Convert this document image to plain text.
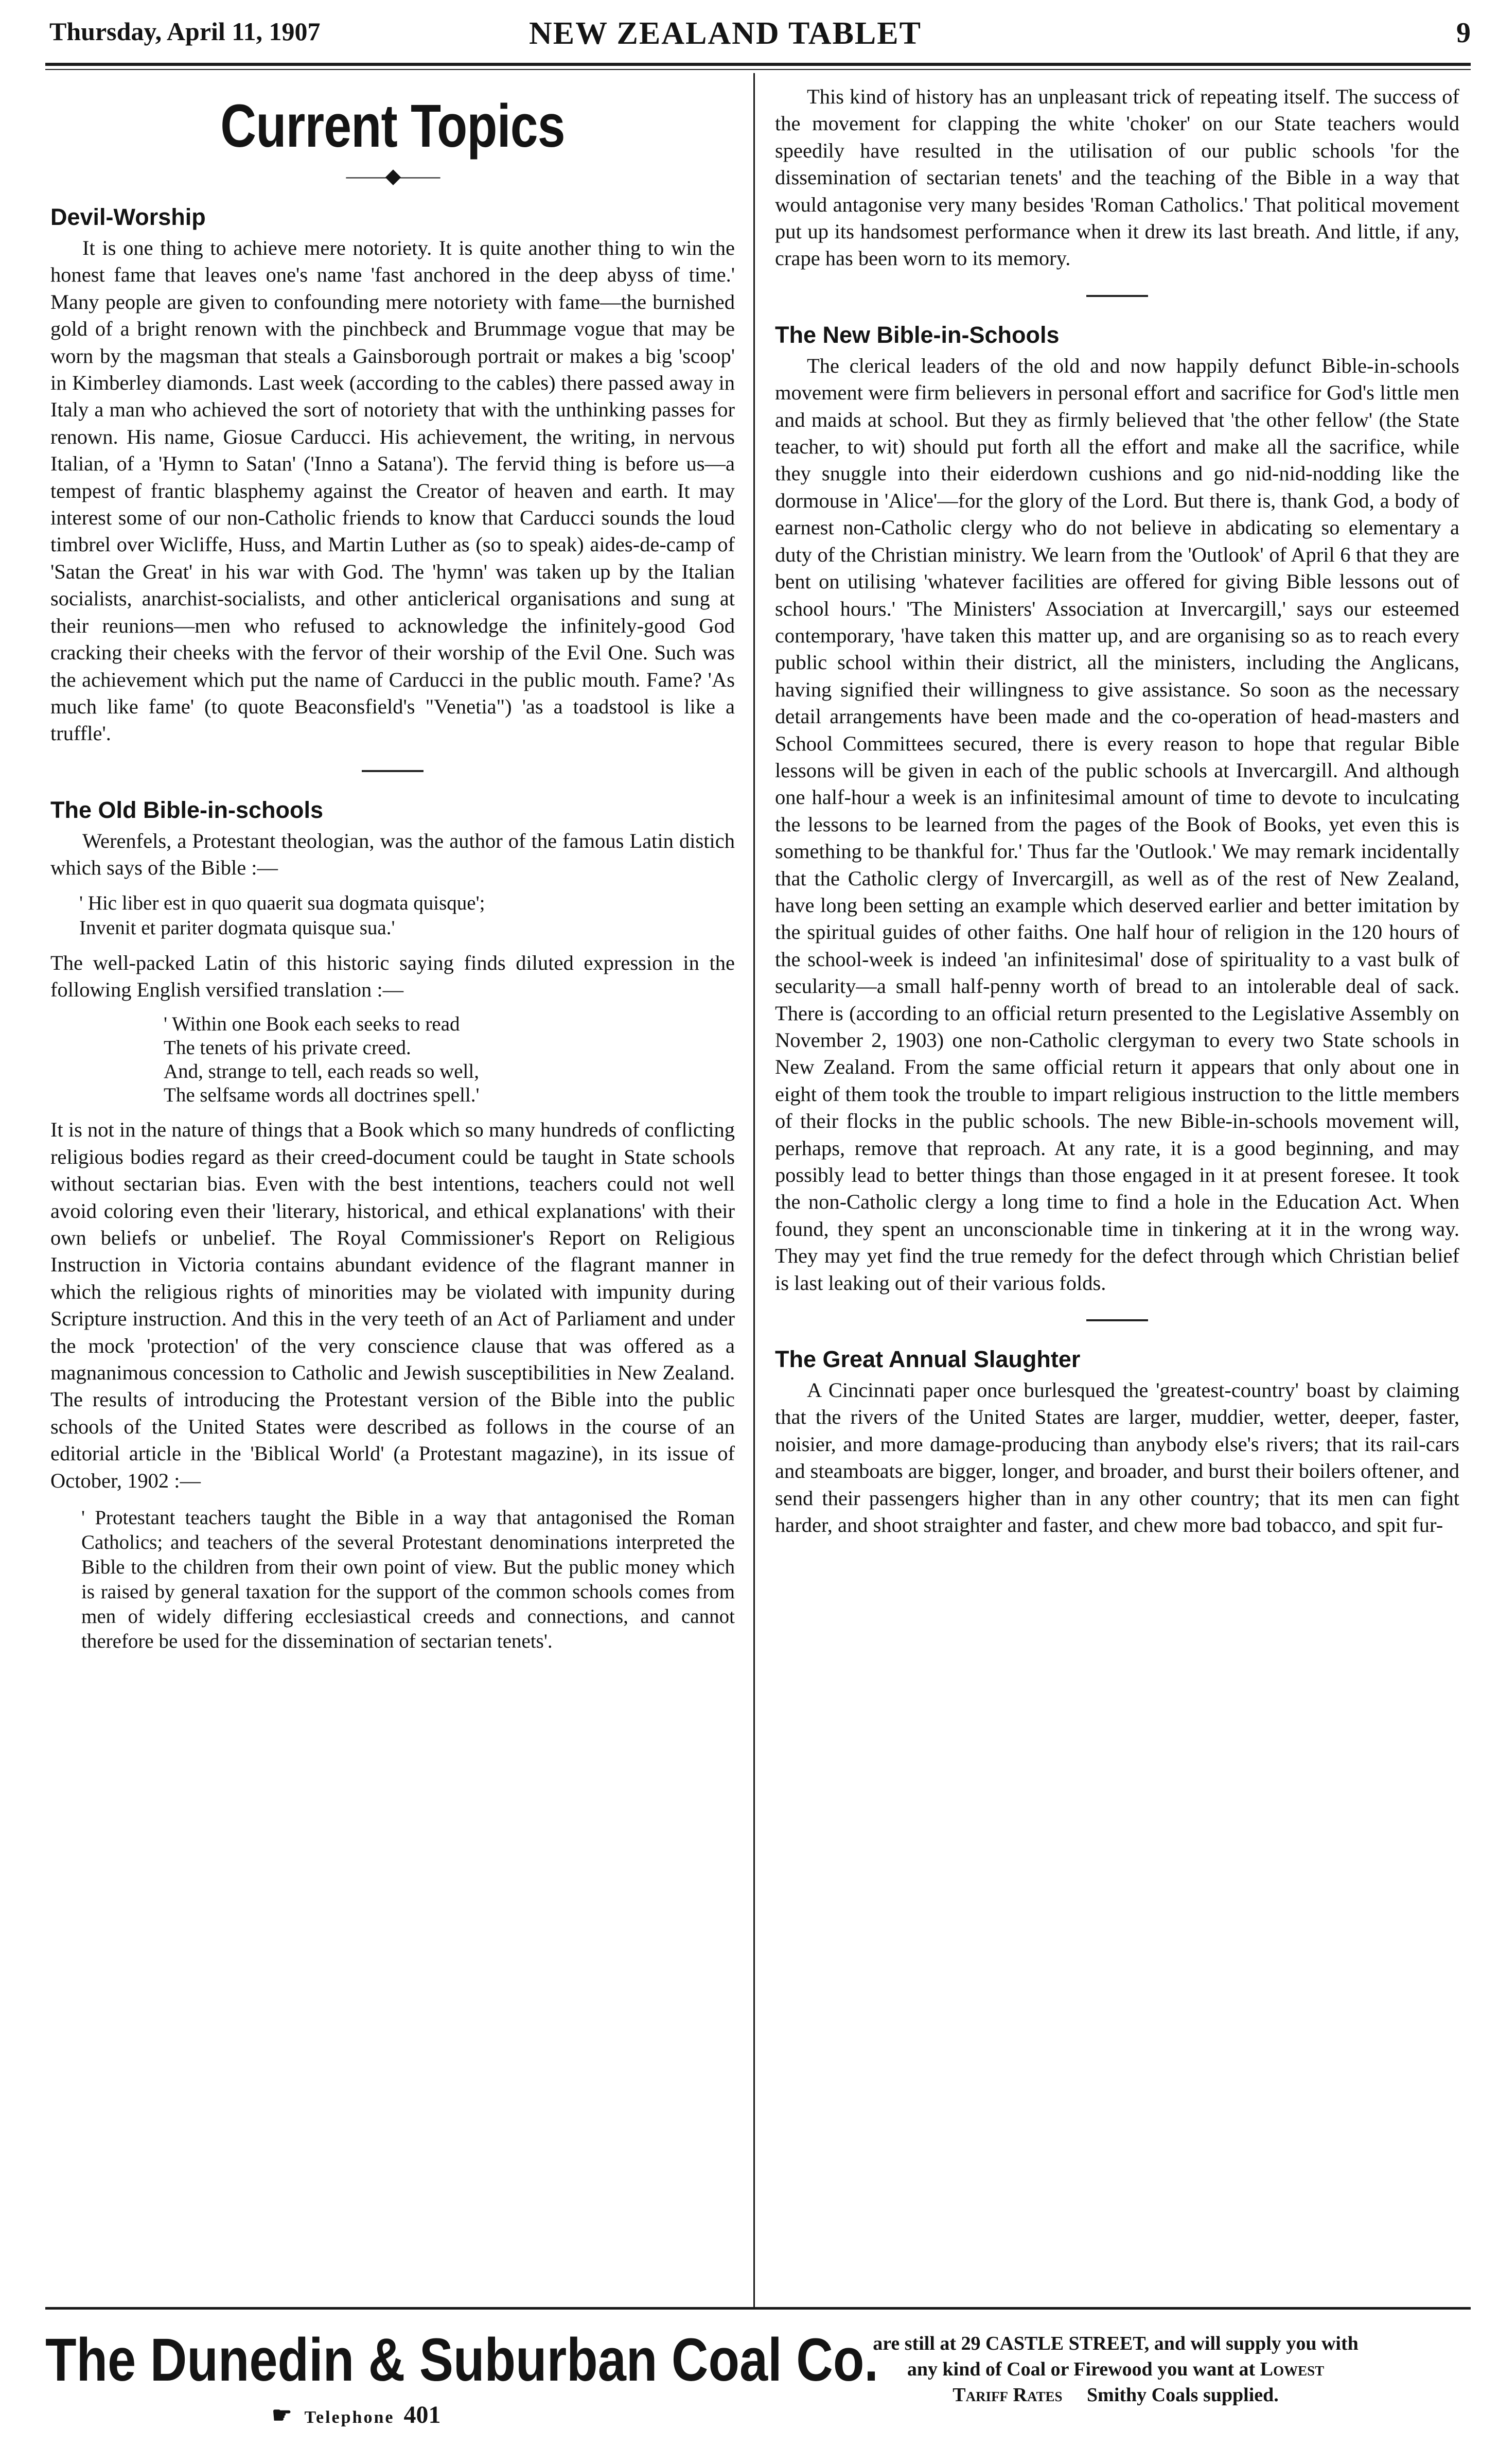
Thursday, April 11, 1907	NEW ZEALAND TABLET	9
Current Topics
——◆——
Devil-Worship

It is one thing to achieve mere notoriety. It is quite another thing to win the honest fame that leaves one's name 'fast anchored in the deep abyss of time.' Many people are given to confounding mere notoriety with fame—the burnished gold of a bright renown with the pinchbeck and Brummage vogue that may be worn by the magsman that steals a Gainsborough portrait or makes a big 'scoop' in Kimberley diamonds. Last week (according to the cables) there passed away in Italy a man who achieved the sort of notoriety that with the unthinking passes for renown. His name, Giosue Carducci. His achievement, the writing, in nervous Italian, of a 'Hymn to Satan' ('Inno a Satana'). The fervid thing is before us—a tempest of frantic blasphemy against the Creator of heaven and earth. It may interest some of our non-Catholic friends to know that Carducci sounds the loud timbrel over Wicliffe, Huss, and Martin Luther as (so to speak) aides-de-camp of 'Satan the Great' in his war with God. The 'hymn' was taken up by the Italian socialists, anarchist-socialists, and other anticlerical organisations and sung at their reunions—men who refused to acknowledge the infinitely-good God cracking their cheeks with the fervor of their worship of the Evil One. Such was the achievement which put the name of Carducci in the public mouth. Fame? 'As much like fame' (to quote Beaconsfield's "Venetia") 'as a toadstool is like a truffle'.

The Old Bible-in-schools

Werenfels, a Protestant theologian, was the author of the famous Latin distich which says of the Bible :—

' Hic liber est in quo quaerit sua dogmata quisque';
Invenit et pariter dogmata quisque sua.'

The well-packed Latin of this historic saying finds diluted expression in the following English versified translation :—

' Within one Book each seeks to read
The tenets of his private creed.
And, strange to tell, each reads so well,
The selfsame words all doctrines spell.'

It is not in the nature of things that a Book which so many hundreds of conflicting religious bodies regard as their creed-document could be taught in State schools without sectarian bias. Even with the best intentions, teachers could not well avoid coloring even their 'literary, historical, and ethical explanations' with their own beliefs or unbelief. The Royal Commissioner's Report on Religious Instruction in Victoria contains abundant evidence of the flagrant manner in which the religious rights of minorities may be violated with impunity during Scripture instruction. And this in the very teeth of an Act of Parliament and under the mock 'protection' of the very conscience clause that was offered as a magnanimous concession to Catholic and Jewish susceptibilities in New Zealand. The results of introducing the Protestant version of the Bible into the public schools of the United States were described as follows in the course of an editorial article in the 'Biblical World' (a Protestant magazine), in its issue of October, 1902 :—

' Protestant teachers taught the Bible in a way that antagonised the Roman Catholics; and teachers of the several Protestant denominations interpreted the Bible to the children from their own point of view. But the public money which is raised by general taxation for the support of the common schools comes from men of widely differing ecclesiastical creeds and connections, and cannot therefore be used for the dissemination of sectarian tenets'.

This kind of history has an unpleasant trick of repeating itself. The success of the movement for clapping the white 'choker' on our State teachers would speedily have resulted in the utilisation of our public schools 'for the dissemination of sectarian tenets' and the teaching of the Bible in a way that would antagonise very many besides 'Roman Catholics.' That political movement put up its handsomest performance when it drew its last breath. And little, if any, crape has been worn to its memory.

The New Bible-in-Schools

The clerical leaders of the old and now happily defunct Bible-in-schools movement were firm believers in personal effort and sacrifice for God's little men and maids at school. But they as firmly believed that 'the other fellow' (the State teacher, to wit) should put forth all the effort and make all the sacrifice, while they snuggle into their eiderdown cushions and go nid-nid-nodding like the dormouse in 'Alice'—for the glory of the Lord. But there is, thank God, a body of earnest non-Catholic clergy who do not believe in abdicating so elementary a duty of the Christian ministry. We learn from the 'Outlook' of April 6 that they are bent on utilising 'whatever facilities are offered for giving Bible lessons out of school hours.' 'The Ministers' Association at Invercargill,' says our esteemed contemporary, 'have taken this matter up, and are organising so as to reach every public school within their district, all the ministers, including the Anglicans, having signified their willingness to give assistance. So soon as the necessary detail arrangements have been made and the co-operation of head-masters and School Committees secured, there is every reason to hope that regular Bible lessons will be given in each of the public schools at Invercargill. And although one half-hour a week is an infinitesimal amount of time to devote to inculcating the lessons to be learned from the pages of the Book of Books, yet even this is something to be thankful for.' Thus far the 'Outlook.' We may remark incidentally that the Catholic clergy of Invercargill, as well as of the rest of New Zealand, have long been setting an example which deserved earlier and better imitation by the spiritual guides of other faiths. One half hour of religion in the 120 hours of the school-week is indeed 'an infinitesimal' dose of spirituality to a vast bulk of secularity—a small half-penny worth of bread to an intolerable deal of sack. There is (according to an official return presented to the Legislative Assembly on November 2, 1903) one non-Catholic clergyman to every two State schools in New Zealand. From the same official return it appears that only about one in eight of them took the trouble to impart religious instruction to the little members of their flocks in the public schools. The new Bible-in-schools movement will, perhaps, remove that reproach. At any rate, it is a good beginning, and may possibly lead to better things than those engaged in it at present foresee. It took the non-Catholic clergy a long time to find a hole in the Education Act. When found, they spent an unconscionable time in tinkering at it in the wrong way. They may yet find the true remedy for the defect through which Christian belief is last leaking out of their various folds.

The Great Annual Slaughter

A Cincinnati paper once burlesqued the 'greatest-country' boast by claiming that the rivers of the United States are larger, muddier, wetter, deeper, faster, noisier, and more damage-producing than anybody else's rivers; that its rail-cars and steamboats are bigger, longer, and broader, and burst their boilers oftener, and send their passengers higher than in any other country; that its men can fight harder, and shoot straighter and faster, and chew more bad tobacco, and spit fur-

The Dunedin & Suburban Coal Co.
☛ Telephone 401
are still at 29 CASTLE STREET, and will supply you with
any kind of Coal or Firewood you want at Lowest
Tariff Rates Smithy Coals supplied.
